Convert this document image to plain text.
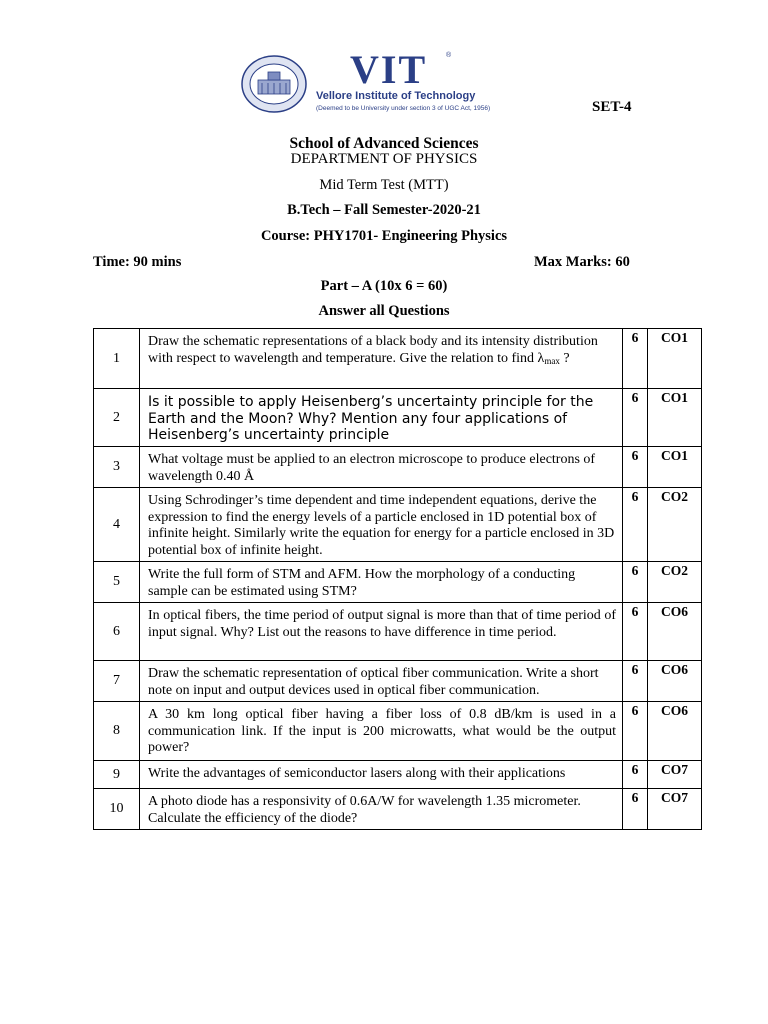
VIT	®
Vellore Institute of Technology
(Deemed to be University under section 3 of UGC Act, 1956)	SET-4
School of Advanced Sciences
DEPARTMENT OF PHYSICS
Mid Term Test (MTT)
B.Tech – Fall Semester-2020-21
Course: PHY1701- Engineering Physics
Time: 90 mins	Max Marks: 60
Part – A (10x 6 = 60)
Answer all Questions
1	Draw the schematic representations of a black body and its intensity distribution with respect to wavelength and temperature. Give the relation to find $\lambda_{max}$ ?	6	CO1

2	Is it possible to apply Heisenberg’s uncertainty principle for the Earth and the Moon? Why? Mention any four applications of Heisenberg’s uncertainty principle	6	CO1

3	What voltage must be applied to an electron microscope to produce electrons of wavelength 0.40 Å	6	CO1

4	Using Schrodinger’s time dependent and time independent equations, derive the expression to find the energy levels of a particle enclosed in 1D potential box of infinite height. Similarly write the equation for energy for a particle enclosed in 3D potential box of infinite height.	6	CO2

5	Write the full form of STM and AFM. How the morphology of a conducting sample can be estimated using STM?	6	CO2

6	In optical fibers, the time period of output signal is more than that of time period of input signal. Why? List out the reasons to have difference in time period.	6	CO6

7	Draw the schematic representation of optical fiber communication. Write a short note on input and output devices used in optical fiber communication.	6	CO6

8	A 30 km long optical fiber having a fiber loss of 0.8 dB/km is used in a communication link. If the input is 200 microwatts, what would be the output power?	6	CO6

9	Write the advantages of semiconductor lasers along with their applications	6	CO7

10	A photo diode has a responsivity of 0.6A/W for wavelength 1.35 micrometer. Calculate the efficiency of the diode?	6	CO7
